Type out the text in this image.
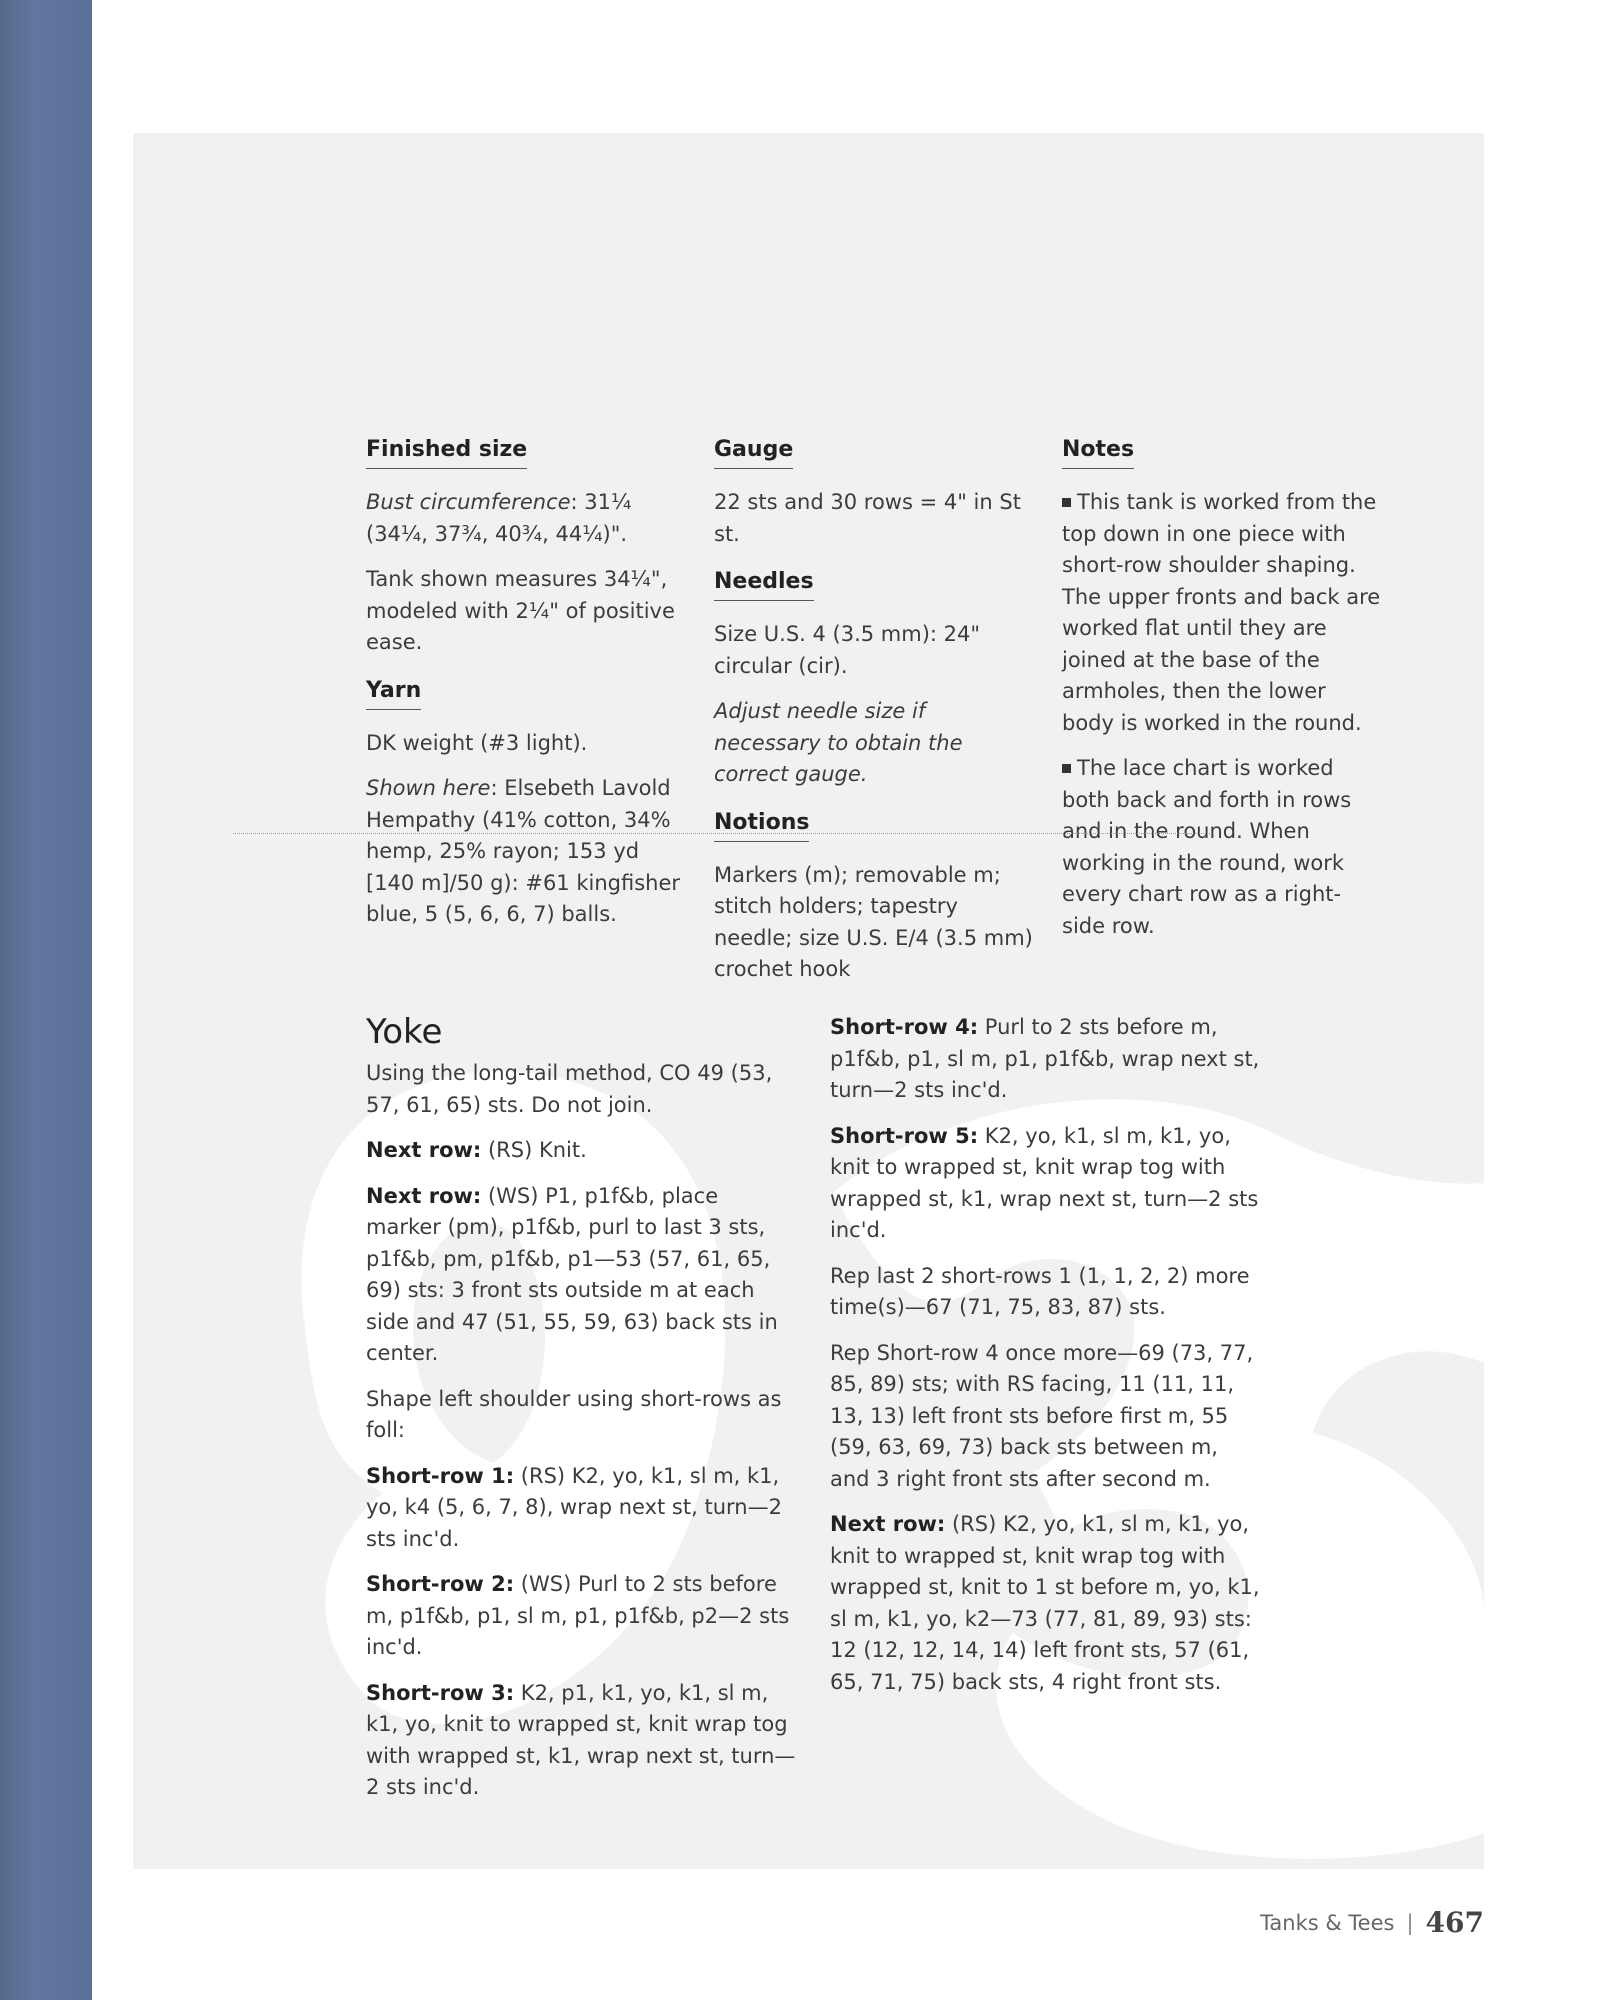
Finished size

Bust circumference: 31¼ (34¼, 37¾, 40¾, 44¼)".

Tank shown measures 34¼", modeled with 2¼" of positive ease.

Yarn

DK weight (#3 light).

Shown here: Elsebeth Lavold Hempathy (41% cotton, 34% hemp, 25% rayon; 153 yd [140 m]/50 g): #61 kingfisher blue, 5 (5, 6, 6, 7) balls.

Gauge

22 sts and 30 rows = 4" in St st.

Needles

Size U.S. 4 (3.5 mm): 24" circular (cir).

Adjust needle size if necessary to obtain the correct gauge.

Notions

Markers (m); removable m; stitch holders; tapestry needle; size U.S. E/4 (3.5 mm) crochet hook

Notes

This tank is worked from the top down in one piece with short-row shoulder shaping. The upper fronts and back are worked flat until they are joined at the base of the armholes, then the lower body is worked in the round.

The lace chart is worked both back and forth in rows and in the round. When working in the round, work every chart row as a right-side row.

Yoke

Using the long-tail method, CO 49 (53, 57, 61, 65) sts. Do not join.

Next row: (RS) Knit.

Next row: (WS) P1, p1f&b, place marker (pm), p1f&b, purl to last 3 sts, p1f&b, pm, p1f&b, p1—53 (57, 61, 65, 69) sts: 3 front sts outside m at each side and 47 (51, 55, 59, 63) back sts in center.

Shape left shoulder using short-rows as foll:

Short-row 1: (RS) K2, yo, k1, sl m, k1, yo, k4 (5, 6, 7, 8), wrap next st, turn—2 sts inc'd.

Short-row 2: (WS) Purl to 2 sts before m, p1f&b, p1, sl m, p1, p1f&b, p2—2 sts inc'd.

Short-row 3: K2, p1, k1, yo, k1, sl m, k1, yo, knit to wrapped st, knit wrap tog with wrapped st, k1, wrap next st, turn—2 sts inc'd.

Short-row 4: Purl to 2 sts before m, p1f&b, p1, sl m, p1, p1f&b, wrap next st, turn—2 sts inc'd.

Short-row 5: K2, yo, k1, sl m, k1, yo, knit to wrapped st, knit wrap tog with wrapped st, k1, wrap next st, turn—2 sts inc'd.

Rep last 2 short-rows 1 (1, 1, 2, 2) more time(s)—67 (71, 75, 83, 87) sts.

Rep Short-row 4 once more—69 (73, 77, 85, 89) sts; with RS facing, 11 (11, 11, 13, 13) left front sts before first m, 55 (59, 63, 69, 73) back sts between m, and 3 right front sts after second m.

Next row: (RS) K2, yo, k1, sl m, k1, yo, knit to wrapped st, knit wrap tog with wrapped st, knit to 1 st before m, yo, k1, sl m, k1, yo, k2—73 (77, 81, 89, 93) sts: 12 (12, 12, 14, 14) left front sts, 57 (61, 65, 71, 75) back sts, 4 right front sts.

Tanks & Tees | 467
